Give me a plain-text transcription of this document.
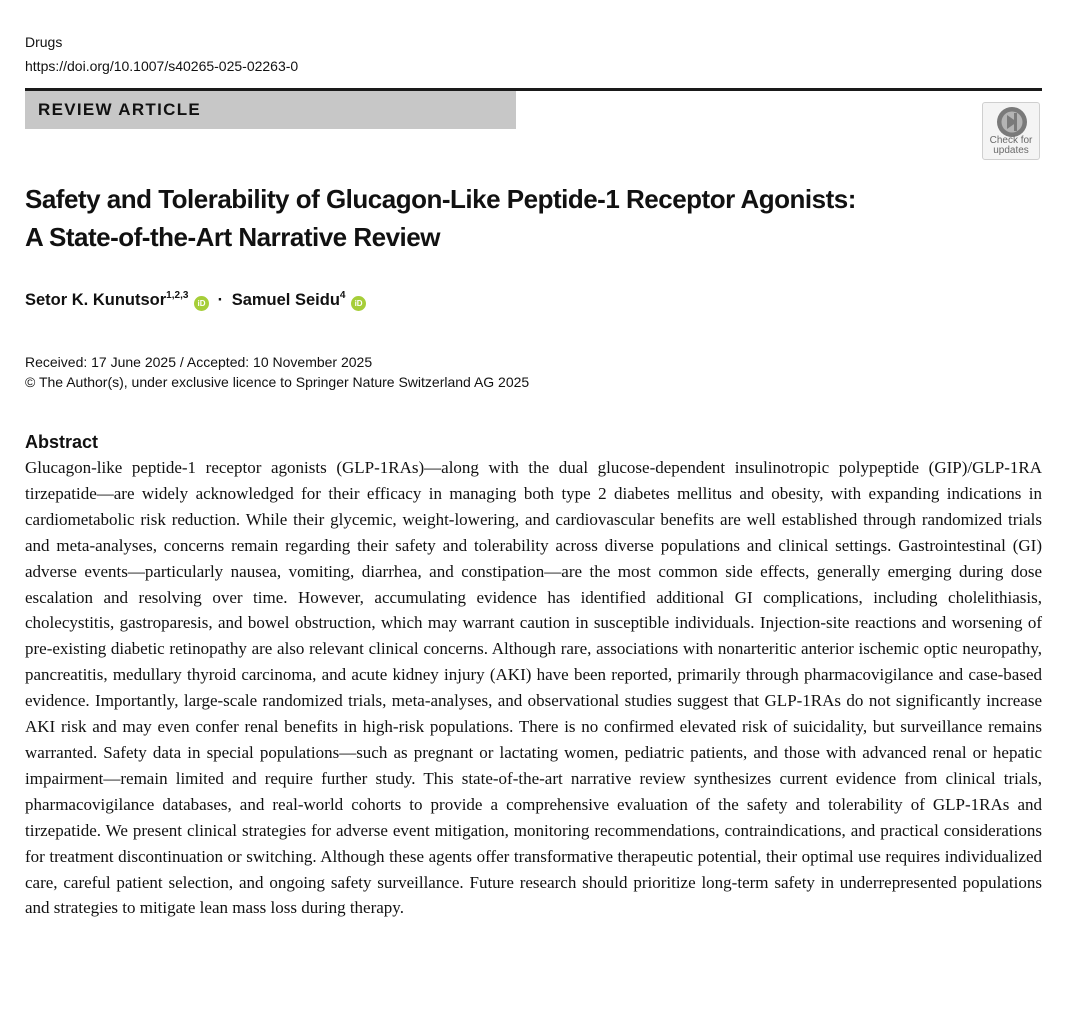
Drugs
https://doi.org/10.1007/s40265-025-02263-0
REVIEW ARTICLE
Check for
updates
Safety and Tolerability of Glucagon-Like Peptide-1 Receptor Agonists:
A State-of-the-Art Narrative Review
Setor K. Kunutsor$^{1,2,3}$ iD · Samuel Seidu$^4$ iD
Received: 17 June 2025 / Accepted: 10 November 2025
© The Author(s), under exclusive licence to Springer Nature Switzerland AG 2025
Abstract

Glucagon-like peptide-1 receptor agonists (GLP-1RAs)—along with the dual glucose-dependent insulinotropic polypeptide (GIP)/GLP-1RA tirzepatide—are widely acknowledged for their efficacy in managing both type 2 diabetes mellitus and obesity, with expanding indications in cardiometabolic risk reduction. While their glycemic, weight-lowering, and cardiovascular benefits are well established through randomized trials and meta-analyses, concerns remain regarding their safety and tolerability across diverse populations and clinical settings. Gastrointestinal (GI) adverse events—particularly nausea, vomiting, diarrhea, and constipation—are the most common side effects, generally emerging during dose escalation and resolving over time. However, accumulating evidence has identified additional GI complications, including cholelithiasis, cholecystitis, gastroparesis, and bowel obstruction, which may warrant caution in susceptible individuals. Injection-site reactions and worsening of pre-existing diabetic retinopathy are also relevant clinical concerns. Although rare, associations with nonarteritic anterior ischemic optic neuropathy, pancreatitis, medullary thyroid carcinoma, and acute kidney injury (AKI) have been reported, primarily through pharmacovigilance and case-based evidence. Importantly, large-scale randomized trials, meta-analyses, and observational studies suggest that GLP-1RAs do not significantly increase AKI risk and may even confer renal benefits in high-risk populations. There is no confirmed elevated risk of suicidality, but surveillance remains warranted. Safety data in special populations—such as pregnant or lactating women, pediatric patients, and those with advanced renal or hepatic impairment—remain limited and require further study. This state-of-the-art narrative review synthesizes current evidence from clinical trials, pharmacovigilance databases, and real-world cohorts to provide a comprehensive evaluation of the safety and tolerability of GLP-1RAs and tirzepatide. We present clinical strategies for adverse event mitigation, monitoring recommendations, contraindications, and practical considerations for treatment discontinuation or switching. Although these agents offer transformative therapeutic potential, their optimal use requires individualized care, careful patient selection, and ongoing safety surveillance. Future research should prioritize long-term safety in underrepresented populations and strategies to mitigate lean mass loss during therapy.
